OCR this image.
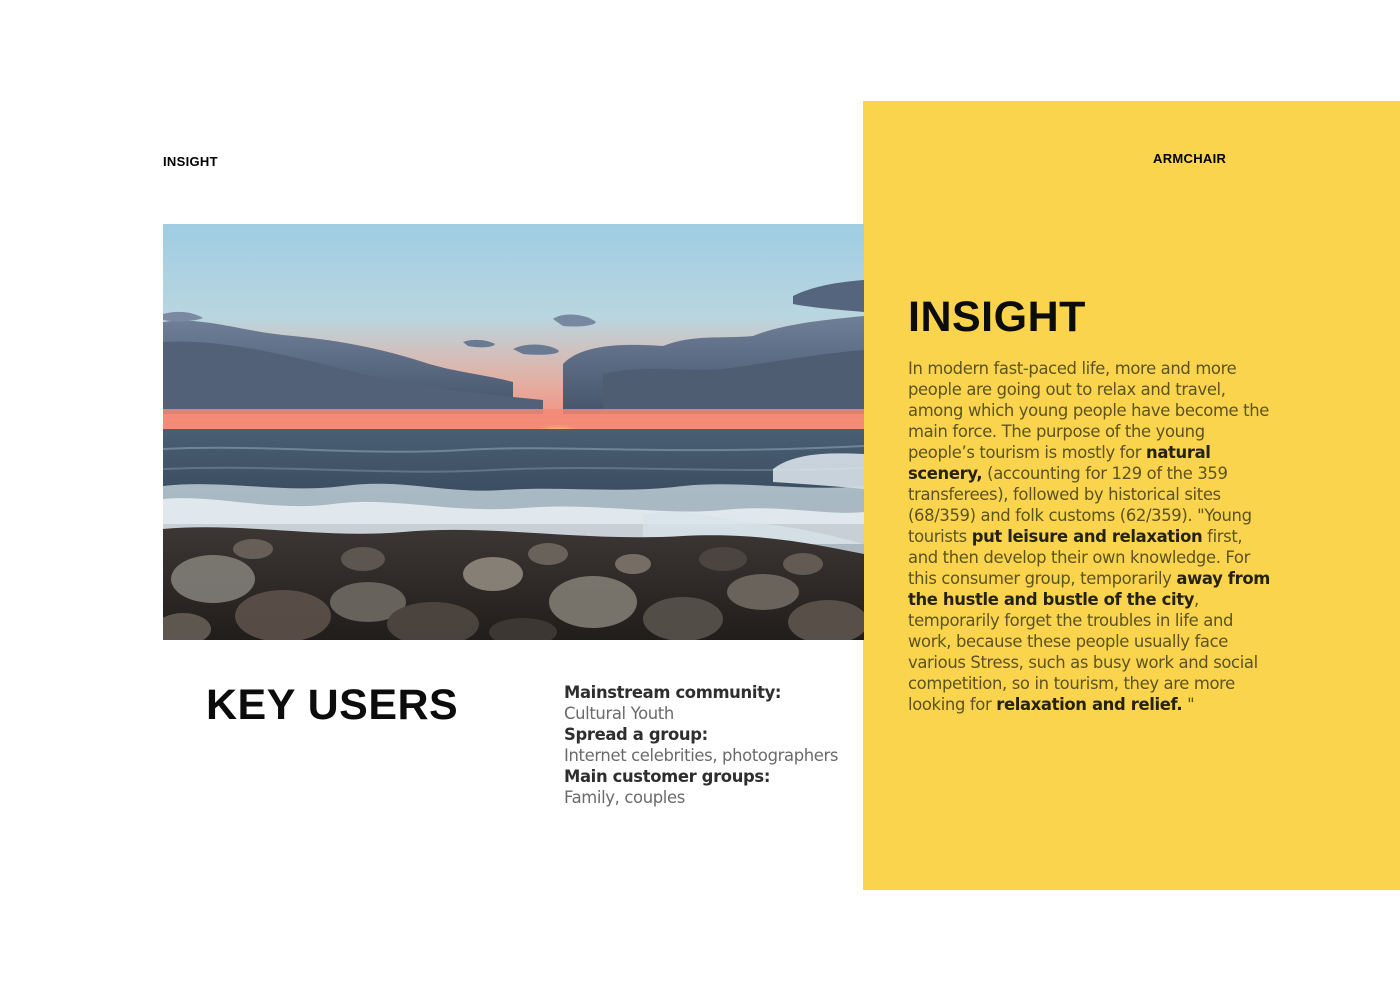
INSIGHT	ARMCHAIR
INSIGHT
In modern fast-paced life, more and more people are going out to relax and travel, among which young people have become the main force. The purpose of the young people’s tourism is mostly for natural scenery, (accounting for 129 of the 359 transferees), followed by historical sites (68/359) and folk customs (62/359). "Young tourists put leisure and relaxation first, and then develop their own knowledge. For this consumer group, temporarily away from the hustle and bustle of the city, temporarily forget the troubles in life and work, because these people usually face various Stress, such as busy work and social competition, so in tourism, they are more looking for relaxation and relief. "
KEY USERS	Mainstream community:
Cultural Youth
Spread a group:
Internet celebrities, photographers
Main customer groups:
Family, couples
